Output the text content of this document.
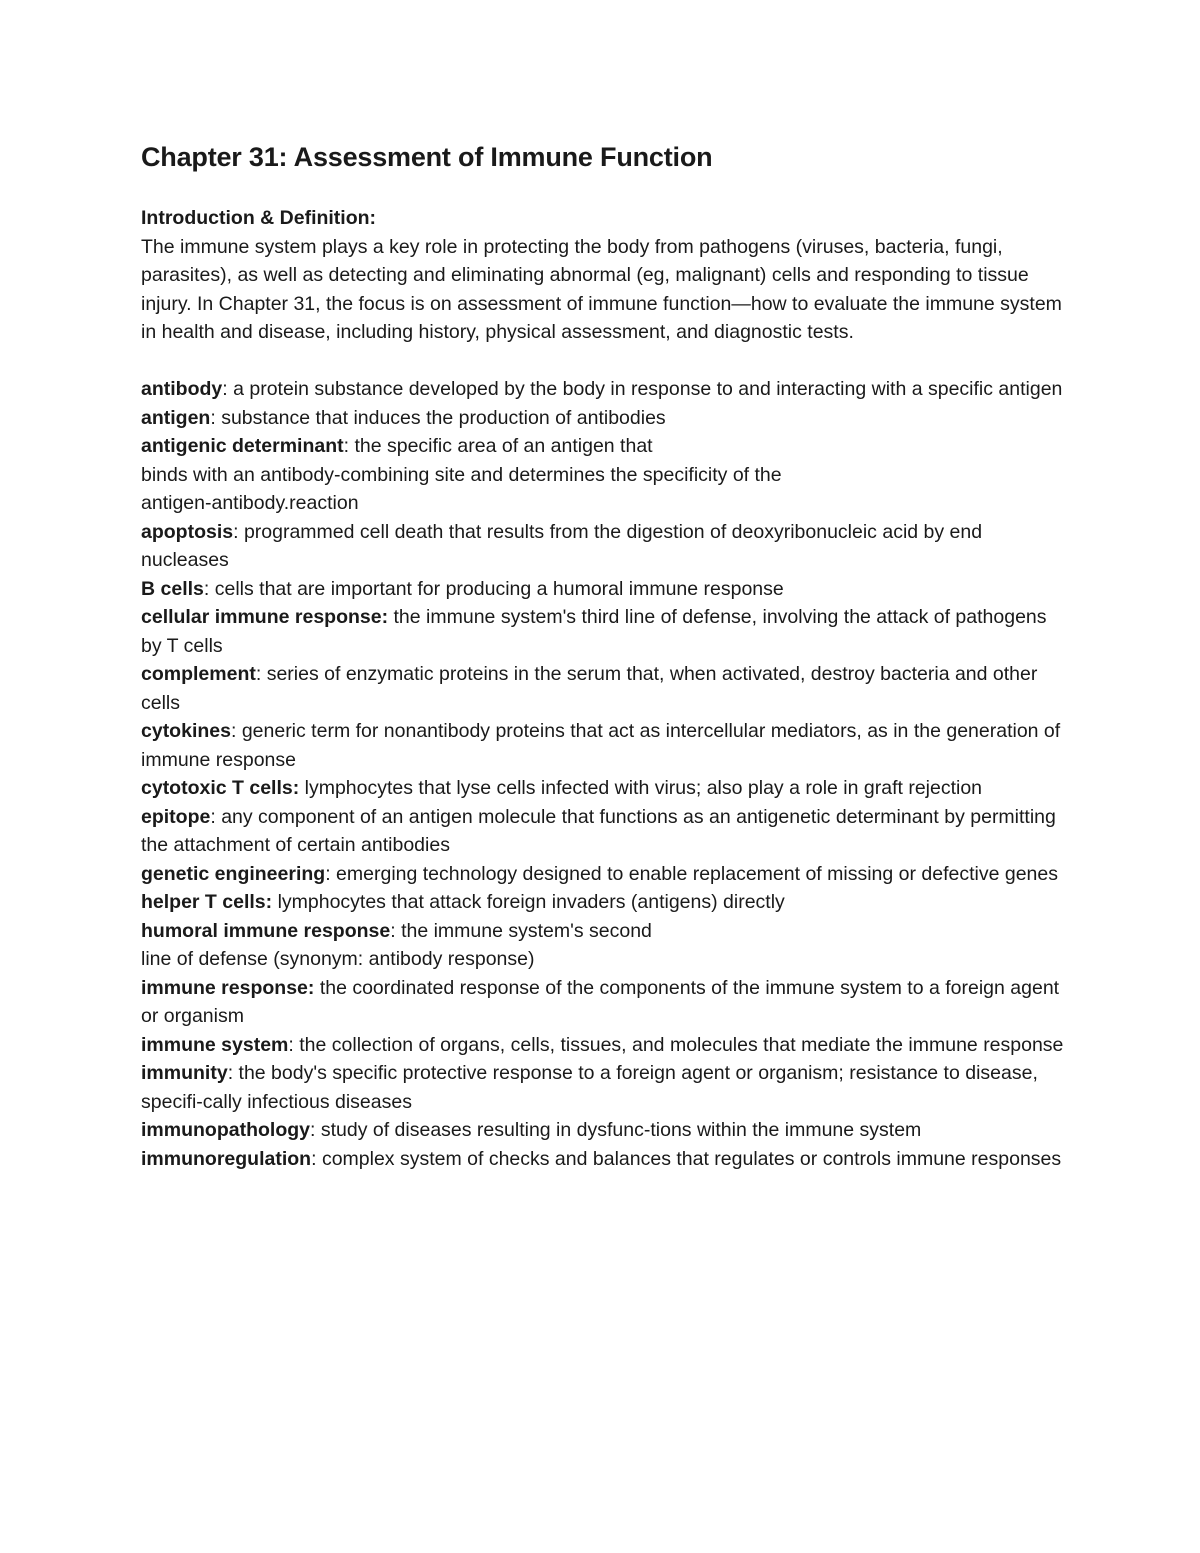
Chapter 31: Assessment of Immune Function
Introduction & Definition:

The immune system plays a key role in protecting the body from pathogens (viruses, bacteria, fungi, parasites), as well as detecting and eliminating abnormal (eg, malignant) cells and responding to tissue injury. In Chapter 31, the focus is on assessment of immune function—how to evaluate the immune system in health and disease, including history, physical assessment, and diagnostic tests.

antibody: a protein substance developed by the body in response to and interacting with a specific antigen

antigen: substance that induces the production of antibodies

antigenic determinant: the specific area of an antigen that
binds with an antibody-combining site and determines the specificity of the
antigen-antibody.reaction

apoptosis: programmed cell death that results from the digestion of deoxyribonucleic acid by end nucleases

B cells: cells that are important for producing a humoral immune response

cellular immune response: the immune system's third line of defense, involving the attack of pathogens by T cells

complement: series of enzymatic proteins in the serum that, when activated, destroy bacteria and other cells

cytokines: generic term for nonantibody proteins that act as intercellular mediators, as in the generation of immune response

cytotoxic T cells: lymphocytes that lyse cells infected with virus; also play a role in graft rejection

epitope: any component of an antigen molecule that functions as an antigenetic determinant by permitting the attachment of certain antibodies

genetic engineering: emerging technology designed to enable replacement of missing or defective genes

helper T cells: lymphocytes that attack foreign invaders (antigens) directly

humoral immune response: the immune system's second
line of defense (synonym: antibody response)

immune response: the coordinated response of the components of the immune system to a foreign agent or organism

immune system: the collection of organs, cells, tissues, and molecules that mediate the immune response

immunity: the body's specific protective response to a foreign agent or organism; resistance to disease, specifi-cally infectious diseases

immunopathology: study of diseases resulting in dysfunc-tions within the immune system

immunoregulation: complex system of checks and balances that regulates or controls immune responses
